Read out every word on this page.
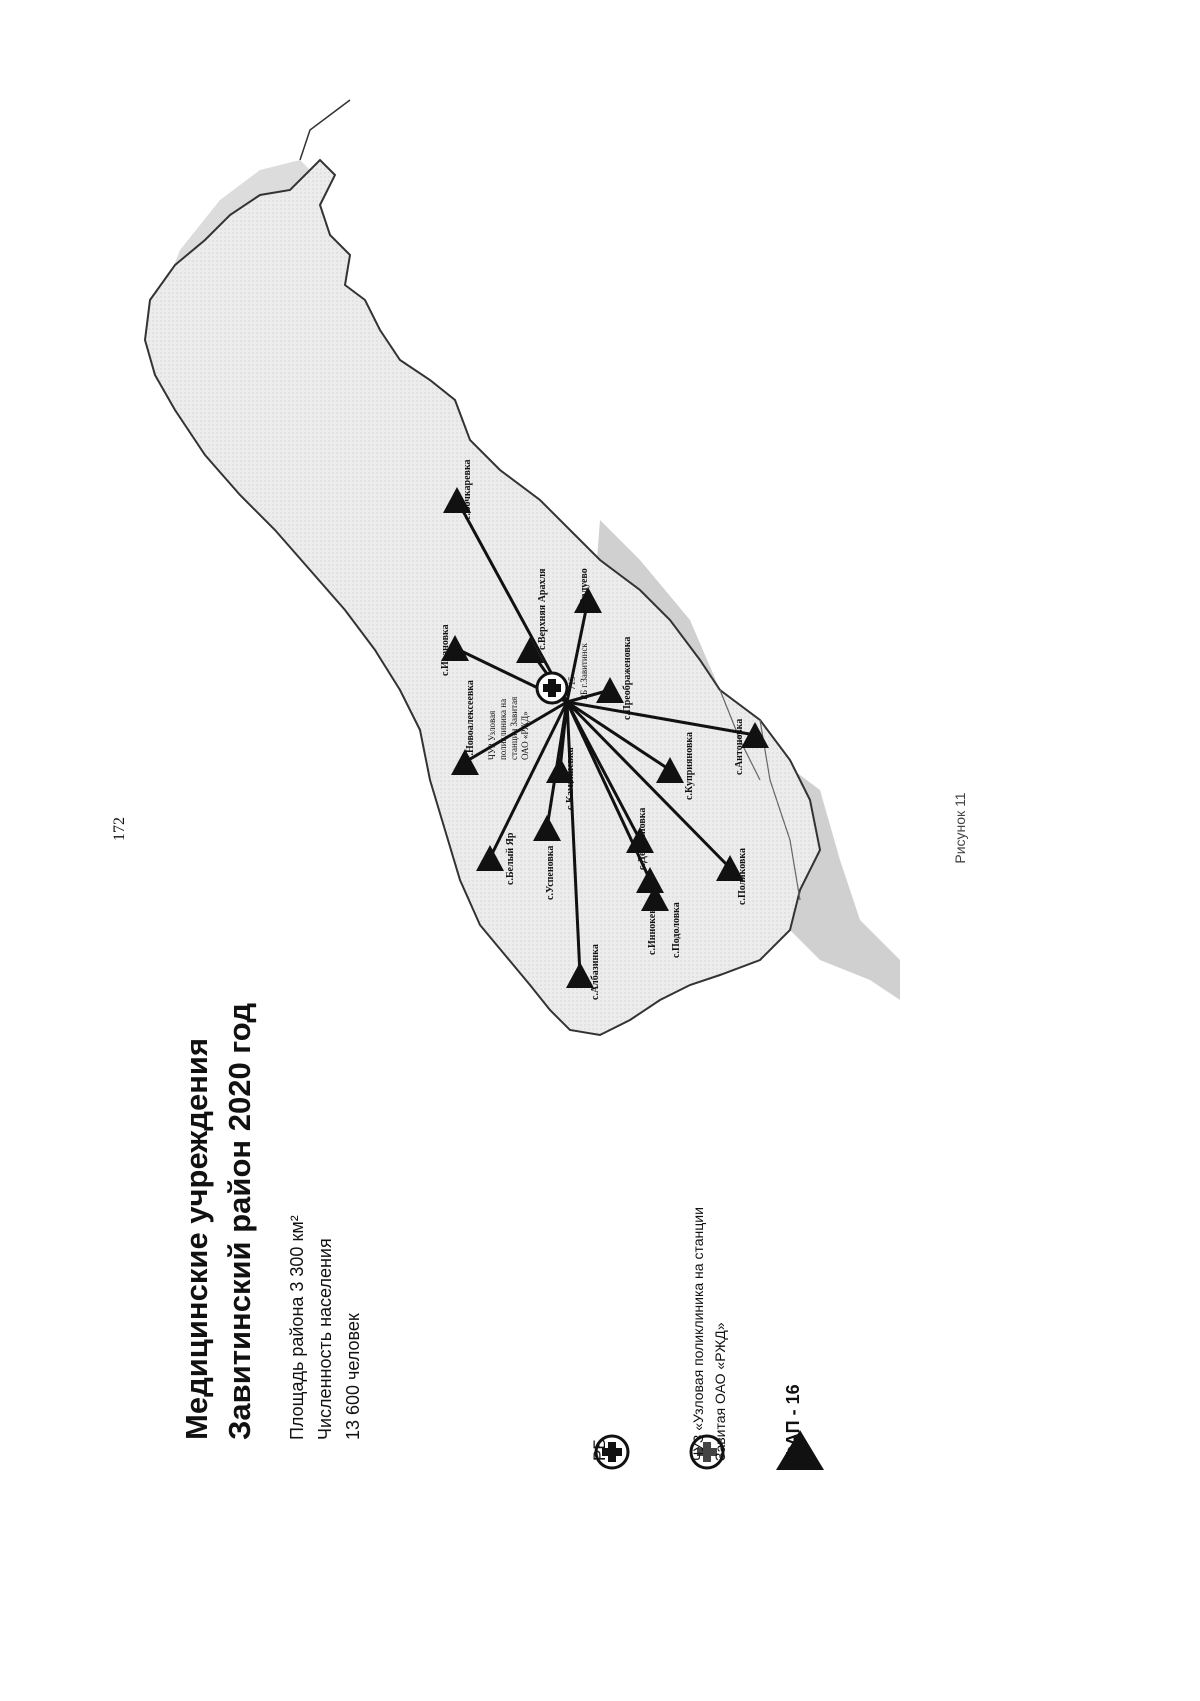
172
с.Албазинка
с.Белый Яр	с.Успеновка
с.Иннокентьевка
с.Поляковка
с.Подоловка
с.Демьяновка
с.Куприяновка	с.Антоновка
с.Камышевка
с.Новоалексеевка
с.Преображеновка
с.Верхняя Арахля	с.Валуево
с.Бочкаревка
с.Ивановка	РБ г.Завитинск
715
ЧУЗ Узловая поликлиника на станции Завитая ОАО «РЖД»
Медицинские учреждения Завитинский район 2020 год Площадь района 3 300 км² Численность населения 13 600 человек
РБ	ЧУЗ «Узловая поликлиника на станции Завитая ОАО «РЖД»	ФАП - 16
Рисунок 11
